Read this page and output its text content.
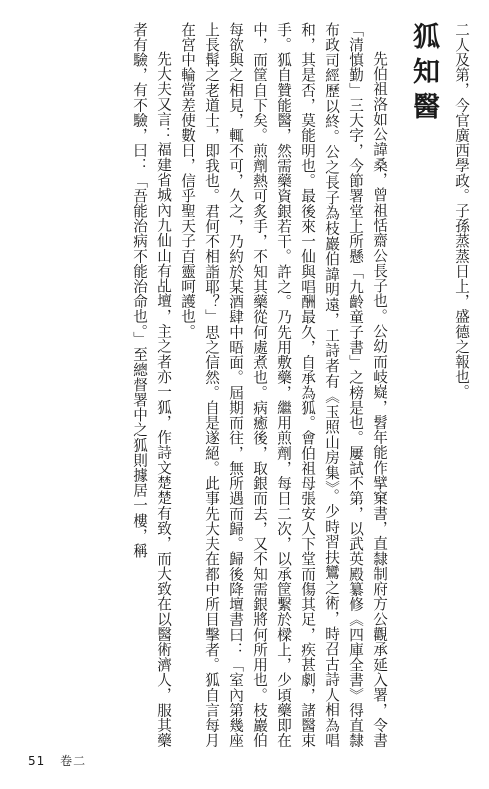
二人及第，今官廣西學政。子孫蒸蒸日上，盛德之報也。

狐知醫

先伯祖洛如公諱桑，曾祖恬齋公長子也。公幼而岐嶷，髫年能作擘窠書，直隸制府方公觀承延入署，令書「清慎勤」三大字，今節署堂上所懸「九齡童子書」之榜是也。屢試不第，以武英殿纂修《四庫全書》得直隸布政司經歷以終。公之長子為枝巖伯諱明遠，工詩者有《玉照山房集》。少時習扶鸞之術，時召古詩人相為唱和，其是否，莫能明也。最後來一仙與唱酬最久，自承為狐。會伯祖母張安人下堂而傷其足，疾甚劇，諸醫束手。狐自贊能醫，然需藥資銀若干。許之。乃先用敷藥，繼用煎劑，每日二次，以承筐繫於樑上，少頃藥即在中，而筐自下矣。煎劑熱可炙手，不知其藥從何處煮也。病癒後，取銀而去，又不知需銀將何所用也。枝巖伯每欲與之相見，輒不可，久之，乃約於某酒肆中晤面。屆期而往，無所遇而歸。歸後降壇書曰：「室內第幾座上長髯之老道士，即我也。君何不相詣耶？」思之信然。自是遂絕。此事先大夫在都中所目擊者。狐自言每月在宮中輪當差使數日，信乎聖天子百靈呵護也。

先大夫又言：福建省城內九仙山有乩壇，主之者亦一狐，作詩文楚楚有致，而大致在以醫術濟人，服其藥者有驗，有不驗，曰：「吾能治病不能治命也。」至總督署中之狐則據居一樓，稱

51 卷二
